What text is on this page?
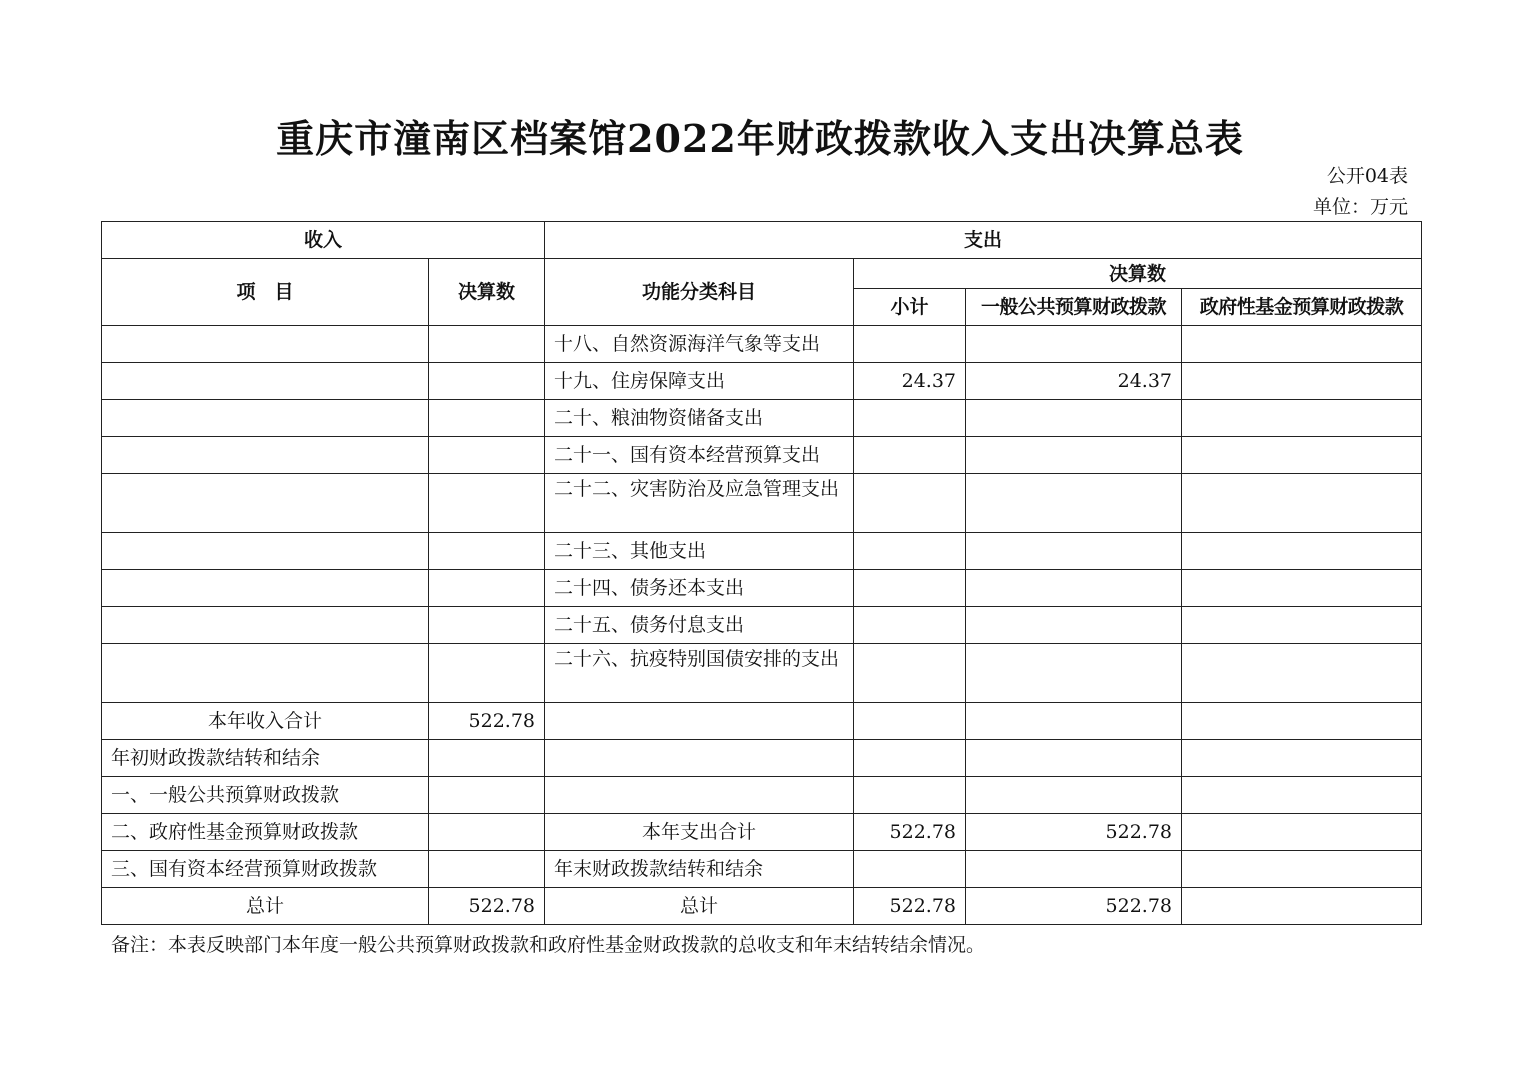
重庆市潼南区档案馆2022年财政拨款收入支出决算总表
公开04表
单位：万元
收入		支出			
项　目	决算数	功能分类科目	决算数		
			小计	一般公共预算财政拨款	政府性基金预算财政拨款
		十八、自然资源海洋气象等支出			
		十九、住房保障支出	24.37	24.37	
		二十、粮油物资储备支出			
		二十一、国有资本经营预算支出			
		二十二、灾害防治及应急管理支出			
		二十三、其他支出			
		二十四、债务还本支出			
		二十五、债务付息支出			
		二十六、抗疫特别国债安排的支出			
本年收入合计	522.78				
年初财政拨款结转和结余					
一、一般公共预算财政拨款					
二、政府性基金预算财政拨款		本年支出合计	522.78	522.78	
三、国有资本经营预算财政拨款		年末财政拨款结转和结余			
总计	522.78	总计	522.78	522.78	
备注：本表反映部门本年度一般公共预算财政拨款和政府性基金财政拨款的总收支和年末结转结余情况。
